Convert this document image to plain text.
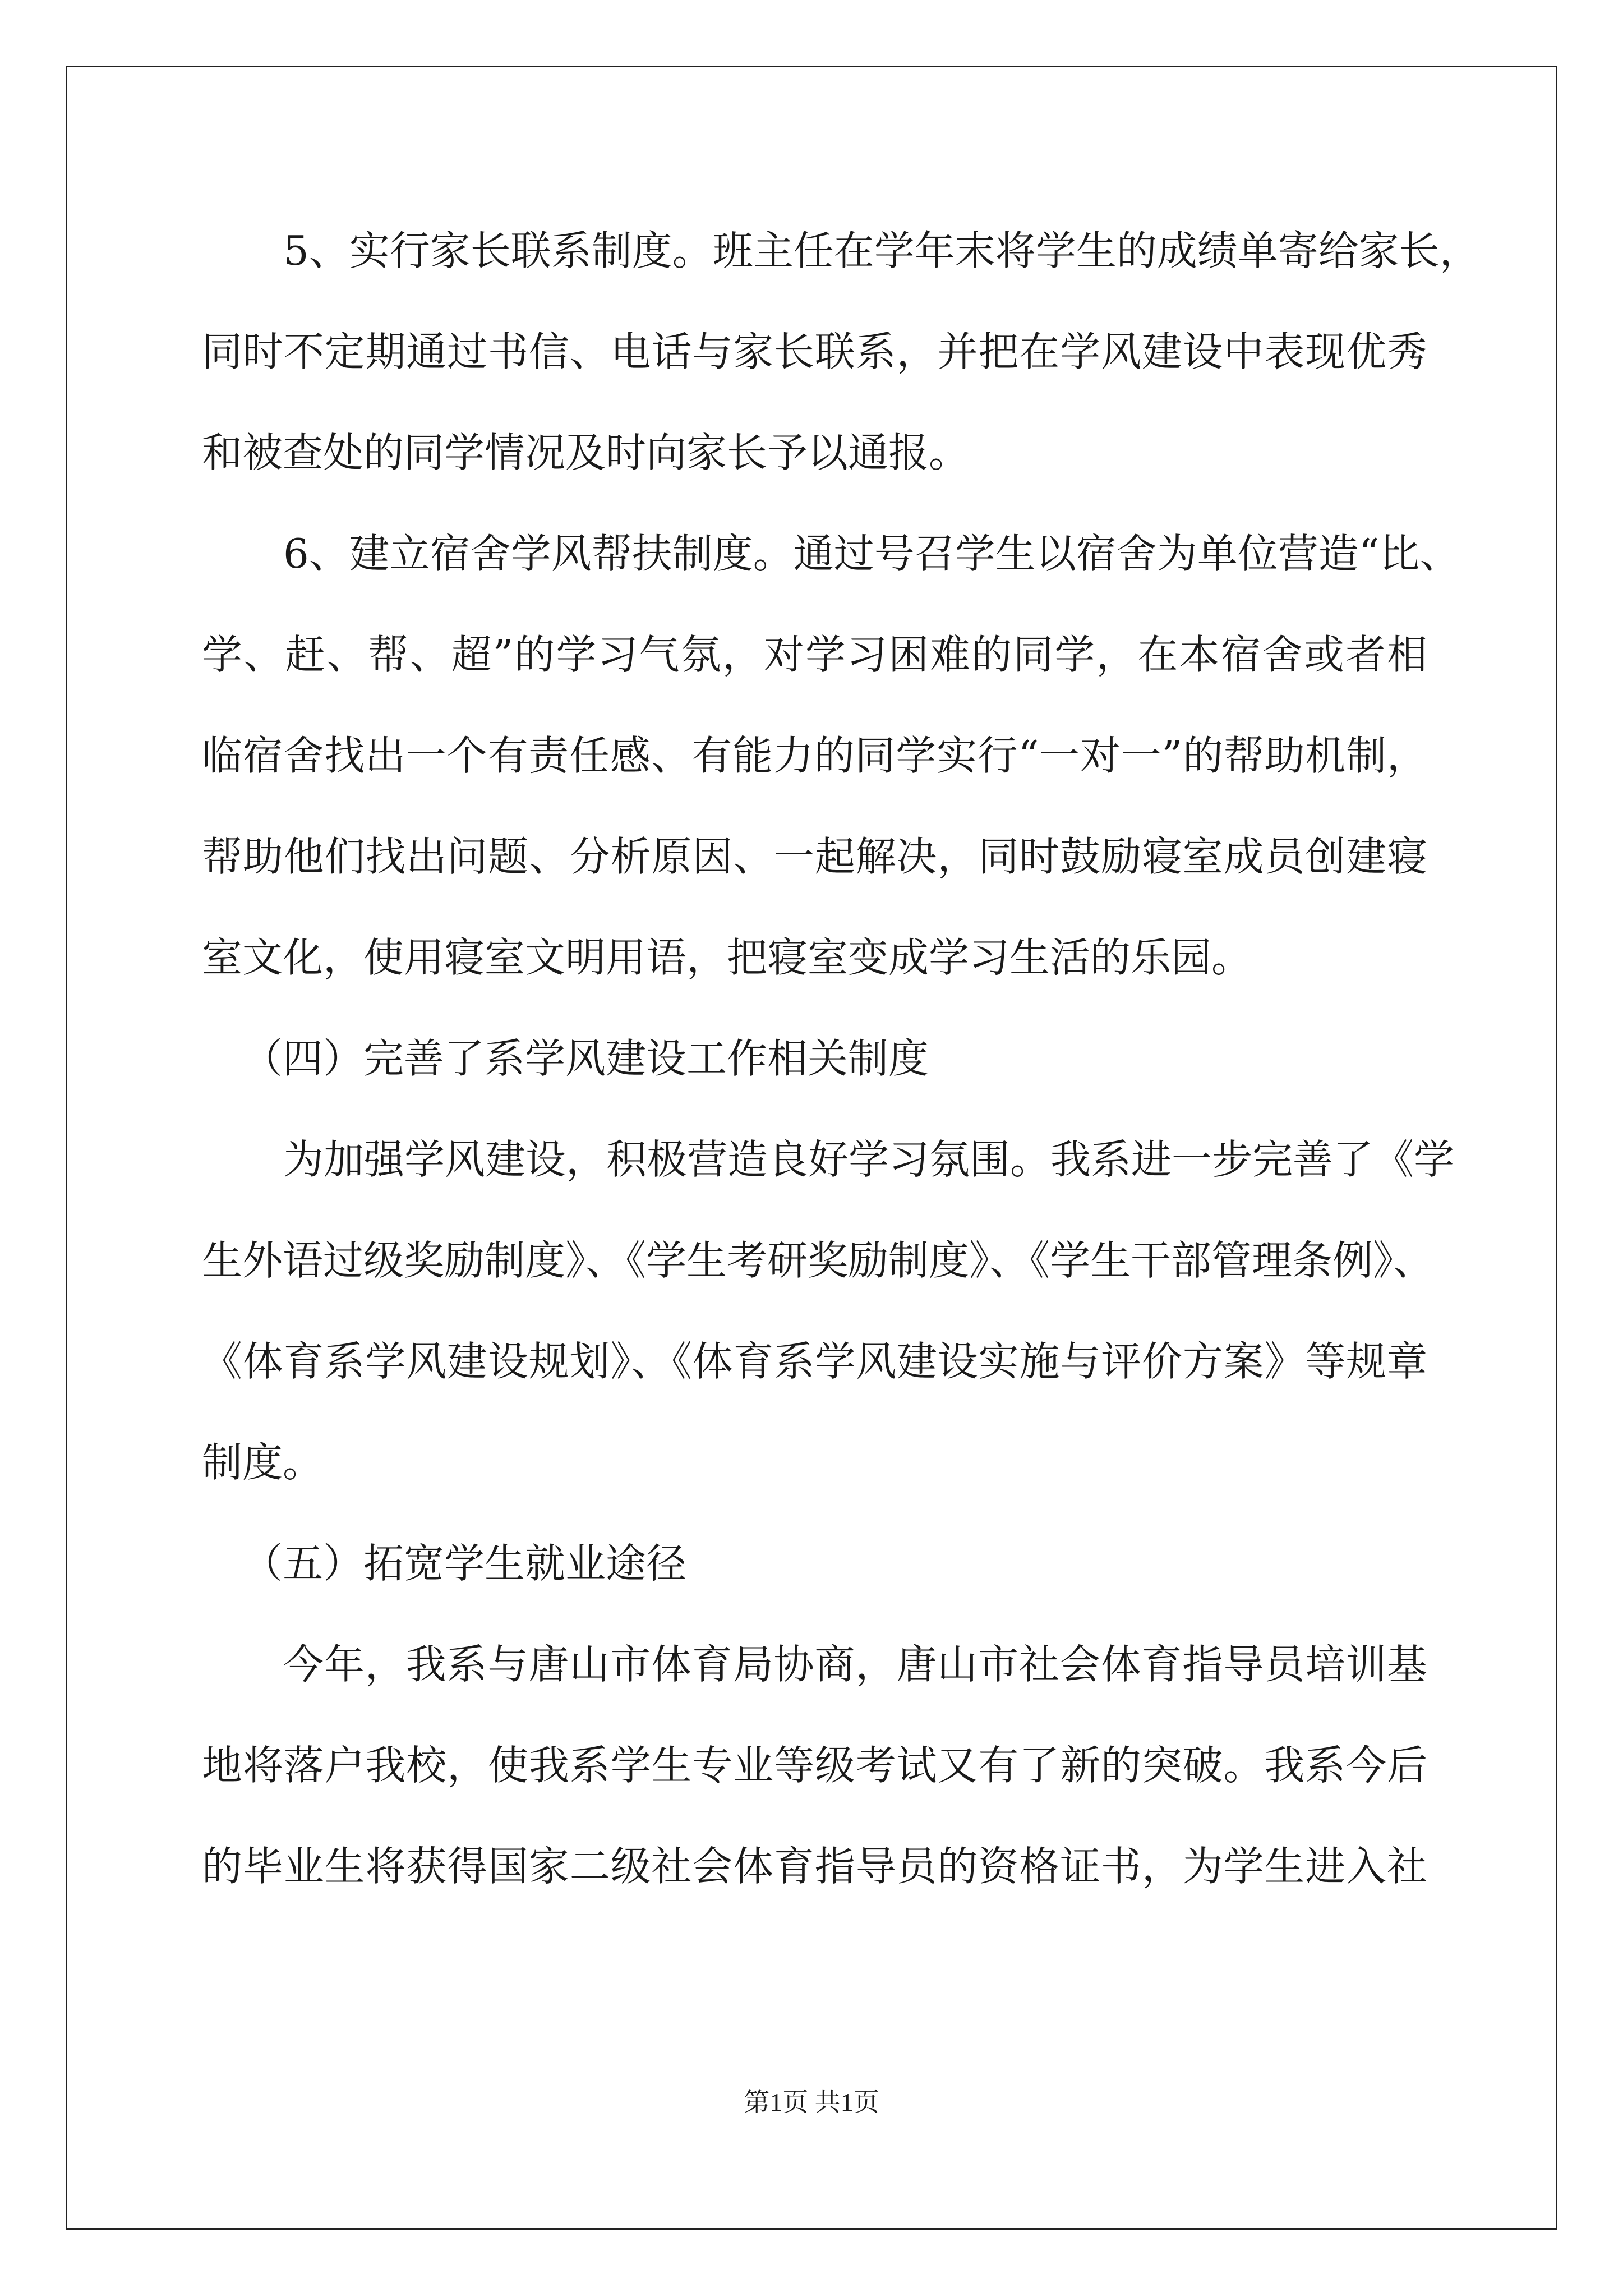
5、实行家长联系制度。班主任在学年末将学生的成绩单寄给家长，
同时不定期通过书信、电话与家长联系，并把在学风建设中表现优秀
和被查处的同学情况及时向家长予以通报。
6、建立宿舍学风帮扶制度。通过号召学生以宿舍为单位营造“比、
学、赶、帮、超”的学习气氛，对学习困难的同学，在本宿舍或者相
临宿舍找出一个有责任感、有能力的同学实行“一对一”的帮助机制，
帮助他们找出问题、分析原因、一起解决，同时鼓励寝室成员创建寝
室文化，使用寝室文明用语，把寝室变成学习生活的乐园。
（四）完善了系学风建设工作相关制度
为加强学风建设，积极营造良好学习氛围。我系进一步完善了《学
生外语过级奖励制度》、《学生考研奖励制度》、《学生干部管理条例》、
《体育系学风建设规划》、《体育系学风建设实施与评价方案》等规章
制度。
（五）拓宽学生就业途径
今年，我系与唐山市体育局协商，唐山市社会体育指导员培训基
地将落户我校，使我系学生专业等级考试又有了新的突破。我系今后
的毕业生将获得国家二级社会体育指导员的资格证书，为学生进入社
第1页 共1页
